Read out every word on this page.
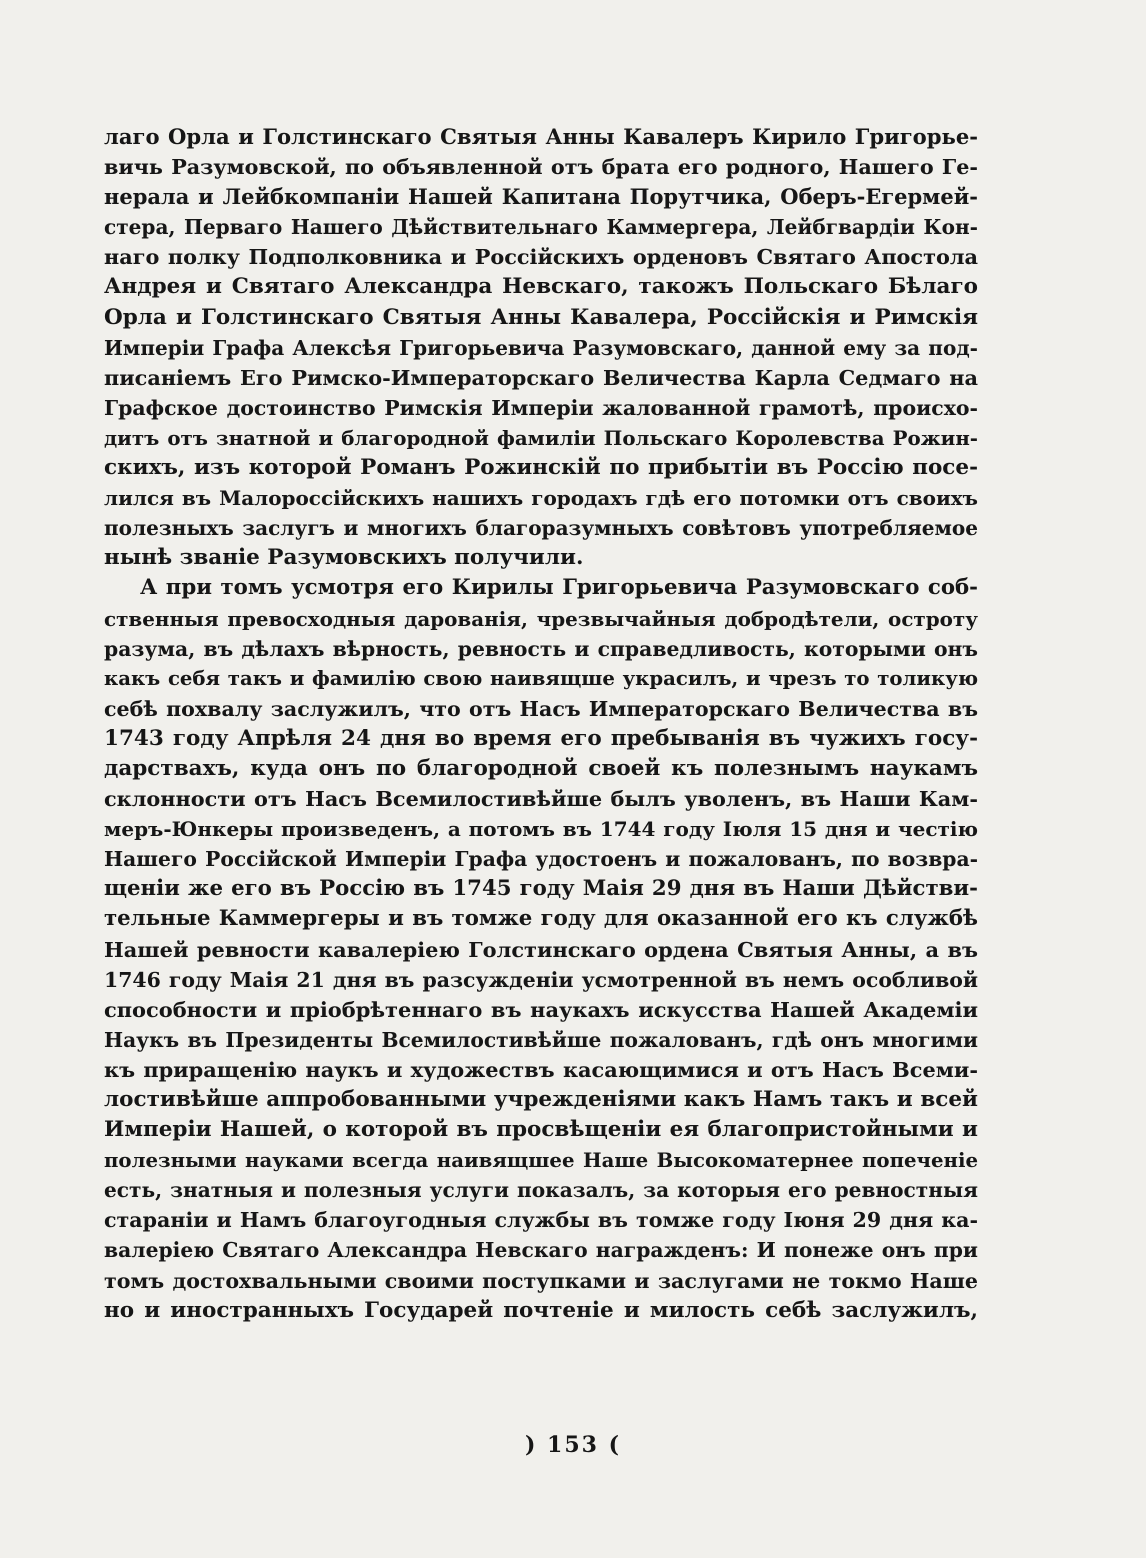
лаго Орла и Голстинскаго Святыя Анны Кавалеръ Кирило Григорье-
вичь Разумовской, по объявленной отъ брата его родного, Нашего Ге-
нерала и Лейбкомпаніи Нашей Капитана Порутчика, Оберъ-Егермей-
стера, Перваго Нашего Дѣйствительнаго Каммергера, Лейбгвардіи Кон-
наго полку Подполковника и Россійскихъ орденовъ Святаго Апостола
Андрея и Святаго Александра Невскаго, такожъ Польскаго Бѣлаго
Орла и Голстинскаго Святыя Анны Кавалера, Россійскія и Римскія
Имперіи Графа Алексѣя Григорьевича Разумовскаго, данной ему за под-
писаніемъ Его Римско-Императорскаго Величества Карла Седмаго на
Графское достоинство Римскія Имперіи жалованной грамотѣ, происхо-
дитъ отъ знатной и благородной фамиліи Польскаго Королевства Рожин-
скихъ, изъ которой Романъ Рожинскій по прибытіи въ Россію посе-
лился въ Малороссійскихъ нашихъ городахъ гдѣ его потомки отъ своихъ
полезныхъ заслугъ и многихъ благоразумныхъ совѣтовъ употребляемое
нынѣ званіе Разумовскихъ получили.
А при томъ усмотря его Кирилы Григорьевича Разумовскаго соб-
ственныя превосходныя дарованія, чрезвычайныя добродѣтели, остроту
разума, въ дѣлахъ вѣрность, ревность и справедливость, которыми онъ
какъ себя такъ и фамилію свою наивящше украсилъ, и чрезъ то толикую
себѣ похвалу заслужилъ, что отъ Насъ Императорскаго Величества въ
1743 году Апрѣля 24 дня во время его пребыванія въ чужихъ госу-
дарствахъ, куда онъ по благородной своей къ полезнымъ наукамъ
склонности отъ Насъ Всемилостивѣйше былъ уволенъ, въ Наши Кам-
меръ-Юнкеры произведенъ, а потомъ въ 1744 году Іюля 15 дня и честію
Нашего Россійской Имперіи Графа удостоенъ и пожалованъ, по возвра-
щеніи же его въ Россію въ 1745 году Маія 29 дня въ Наши Дѣйстви-
тельные Каммергеры и въ томже году для оказанной его къ службѣ
Нашей ревности кавалеріею Голстинскаго ордена Святыя Анны, а въ
1746 году Маія 21 дня въ разсужденіи усмотренной въ немъ особливой
способности и пріобрѣтеннаго въ наукахъ искусства Нашей Академіи
Наукъ въ Президенты Всемилостивѣйше пожалованъ, гдѣ онъ многими
къ приращенію наукъ и художествъ касающимися и отъ Насъ Всеми-
лостивѣйше аппробованными учрежденіями какъ Намъ такъ и всей
Имперіи Нашей, о которой въ просвѣщеніи ея благопристойными и
полезными науками всегда наивящшее Наше Высокоматернее попеченіе
есть, знатныя и полезныя услуги показалъ, за которыя его ревностныя
стараніи и Намъ благоугодныя службы въ томже году Іюня 29 дня ка-
валеріею Святаго Александра Невскаго награжденъ: И понеже онъ при
томъ достохвальными своими поступками и заслугами не токмо Наше
но и иностранныхъ Государей почтеніе и милость себѣ заслужилъ,
) 153 (
